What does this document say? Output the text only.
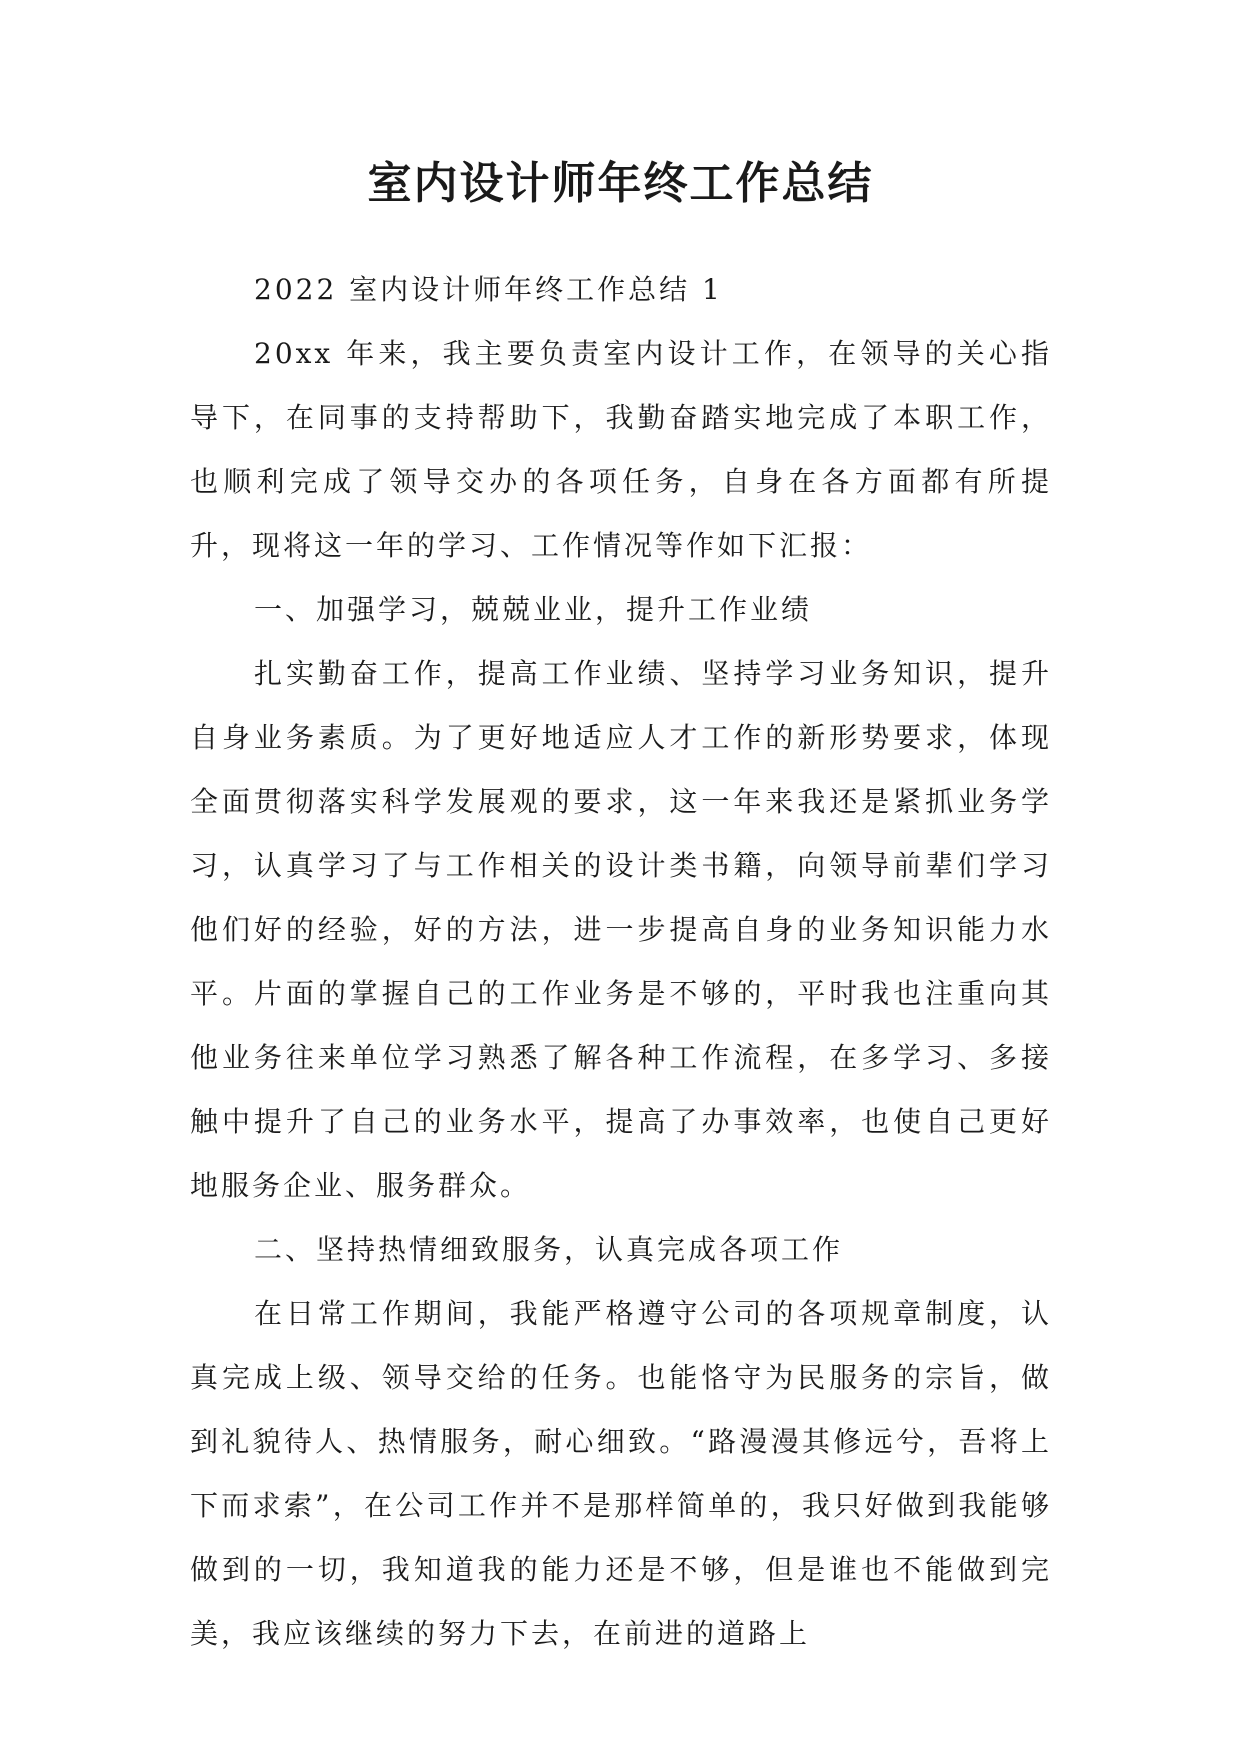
室内设计师年终工作总结

2022 室内设计师年终工作总结 1

20xx 年来，我主要负责室内设计工作，在领导的关心指导下，在同事的支持帮助下，我勤奋踏实地完成了本职工作，也顺利完成了领导交办的各项任务，自身在各方面都有所提升，现将这一年的学习、工作情况等作如下汇报：

一、加强学习，兢兢业业，提升工作业绩

扎实勤奋工作，提高工作业绩、坚持学习业务知识，提升自身业务素质。为了更好地适应人才工作的新形势要求，体现全面贯彻落实科学发展观的要求，这一年来我还是紧抓业务学习，认真学习了与工作相关的设计类书籍，向领导前辈们学习他们好的经验，好的方法，进一步提高自身的业务知识能力水平。片面的掌握自己的工作业务是不够的，平时我也注重向其他业务往来单位学习熟悉了解各种工作流程，在多学习、多接触中提升了自己的业务水平，提高了办事效率，也使自己更好地服务企业、服务群众。

二、坚持热情细致服务，认真完成各项工作

在日常工作期间，我能严格遵守公司的各项规章制度，认真完成上级、领导交给的任务。也能恪守为民服务的宗旨，做到礼貌待人、热情服务，耐心细致。“路漫漫其修远兮，吾将上下而求索”，在公司工作并不是那样简单的，我只好做到我能够做到的一切，我知道我的能力还是不够，但是谁也不能做到完美，我应该继续的努力下去，在前进的道路上
